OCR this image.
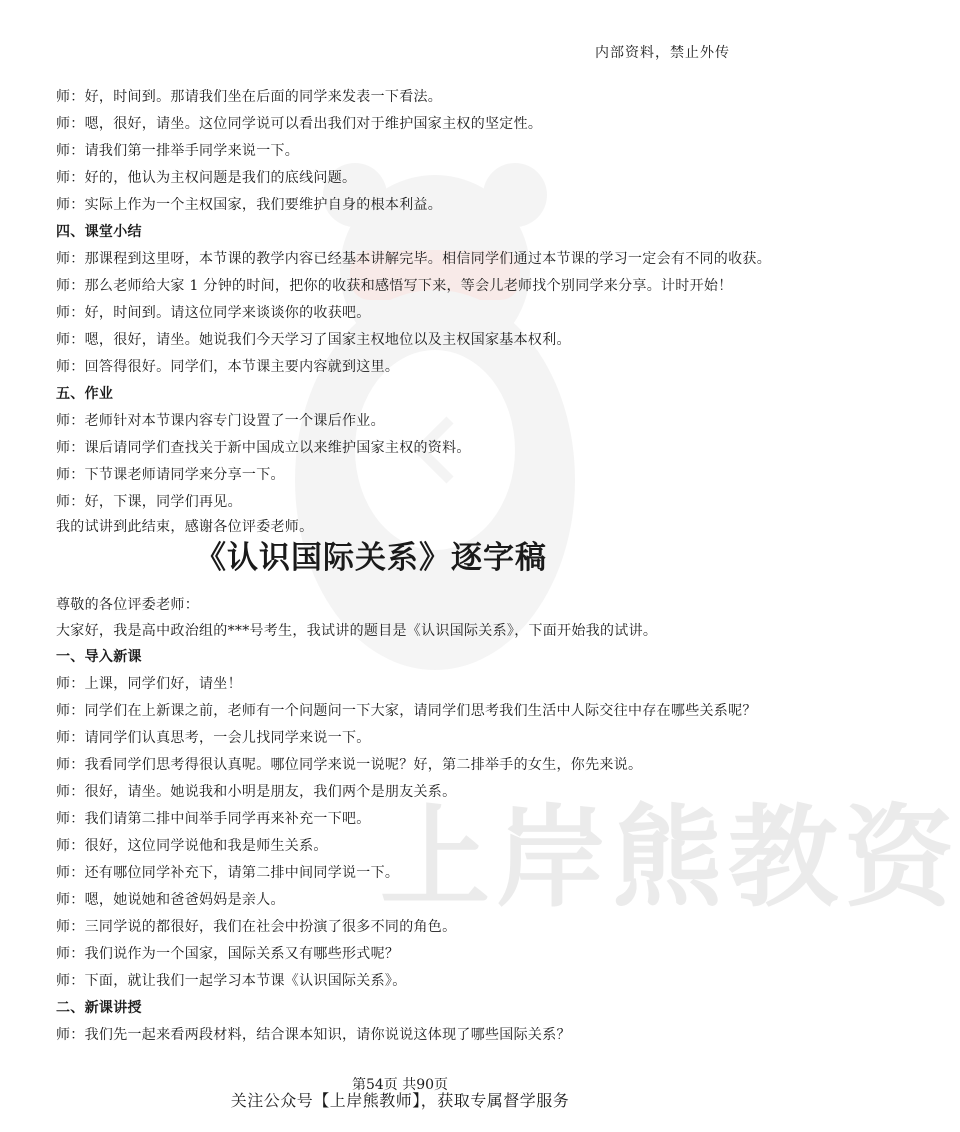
内部资料，禁止外传
上岸熊教资
师：好，时间到。那请我们坐在后面的同学来发表一下看法。
师：嗯，很好，请坐。这位同学说可以看出我们对于维护国家主权的坚定性。
师：请我们第一排举手同学来说一下。
师：好的，他认为主权问题是我们的底线问题。
师：实际上作为一个主权国家，我们要维护自身的根本利益。
四、课堂小结
师：那课程到这里呀，本节课的教学内容已经基本讲解完毕。相信同学们通过本节课的学习一定会有不同的收获。
师：那么老师给大家 1 分钟的时间，把你的收获和感悟写下来，等会儿老师找个别同学来分享。计时开始！
师：好，时间到。请这位同学来谈谈你的收获吧。
师：嗯，很好，请坐。她说我们今天学习了国家主权地位以及主权国家基本权利。
师：回答得很好。同学们，本节课主要内容就到这里。
五、作业
师：老师针对本节课内容专门设置了一个课后作业。
师：课后请同学们查找关于新中国成立以来维护国家主权的资料。
师：下节课老师请同学来分享一下。
师：好，下课，同学们再见。
我的试讲到此结束，感谢各位评委老师。
《认识国际关系》逐字稿
尊敬的各位评委老师：
大家好，我是高中政治组的***号考生，我试讲的题目是《认识国际关系》，下面开始我的试讲。
一、导入新课
师：上课，同学们好，请坐！
师：同学们在上新课之前，老师有一个问题问一下大家，请同学们思考我们生活中人际交往中存在哪些关系呢？
师：请同学们认真思考，一会儿找同学来说一下。
师：我看同学们思考得很认真呢。哪位同学来说一说呢？好，第二排举手的女生，你先来说。
师：很好，请坐。她说我和小明是朋友，我们两个是朋友关系。
师：我们请第二排中间举手同学再来补充一下吧。
师：很好，这位同学说他和我是师生关系。
师：还有哪位同学补充下，请第二排中间同学说一下。
师：嗯，她说她和爸爸妈妈是亲人。
师：三同学说的都很好，我们在社会中扮演了很多不同的角色。
师：我们说作为一个国家，国际关系又有哪些形式呢？
师：下面，就让我们一起学习本节课《认识国际关系》。
二、新课讲授
师：我们先一起来看两段材料，结合课本知识，请你说说这体现了哪些国际关系？
第54页 共90页
关注公众号【上岸熊教师】，获取专属督学服务
